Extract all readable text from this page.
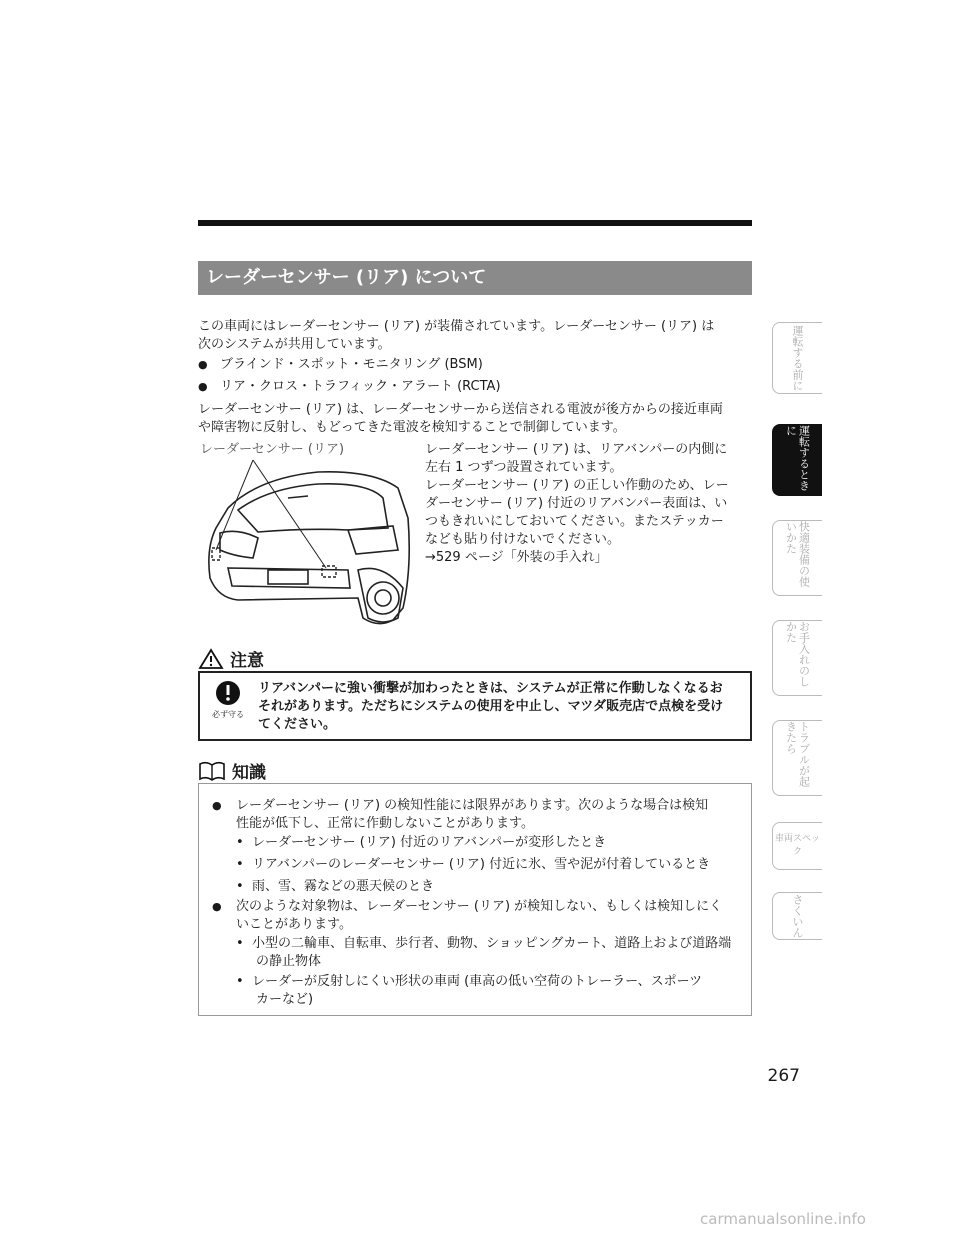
レーダーセンサー (リア) について
この車両にはレーダーセンサー (リア) が装備されています。レーダーセンサー (リア) は
次のシステムが共用しています。
● ブラインド・スポット・モニタリング (BSM)
● リア・クロス・トラフィック・アラート (RCTA)
レーダーセンサー (リア) は、レーダーセンサーから送信される電波が後方からの接近車両
や障害物に反射し、もどってきた電波を検知することで制御しています。
レーダーセンサー (リア)	レーダーセンサー (リア) は、リアバンパーの内側に
左右 1 つずつ設置されています。
レーダーセンサー (リア) の正しい作動のため、レー
ダーセンサー (リア) 付近のリアバンパー表面は、い
つもきれいにしておいてください。またステッカー
なども貼り付けないでください。
→529 ページ「外装の手入れ」
注意
必ず守る
リアバンパーに強い衝撃が加わったときは、システムが正常に作動しなくなるお
それがあります。ただちにシステムの使用を中止し、マツダ販売店で点検を受け
てください。
知識
● レーダーセンサー (リア) の検知性能には限界があります。次のような場合は検知
性能が低下し、正常に作動しないことがあります。
• レーダーセンサー (リア) 付近のリアバンパーが変形したとき
• リアバンパーのレーダーセンサー (リア) 付近に氷、雪や泥が付着しているとき
• 雨、雪、霧などの悪天候のとき
● 次のような対象物は、レーダーセンサー (リア) が検知しない、もしくは検知しにく
いことがあります。
• 小型の二輪車、自転車、歩行者、動物、ショッピングカート、道路上および道路端
の静止物体
• レーダーが反射しにくい形状の車両 (車高の低い空荷のトレーラー、スポーツ
カーなど)
運転する前に
運転するときに
快適装備の使いかた
お手入れのしかた
トラブルが起きたら
車両スペック
さくいん
267
carmanualsonline.info
